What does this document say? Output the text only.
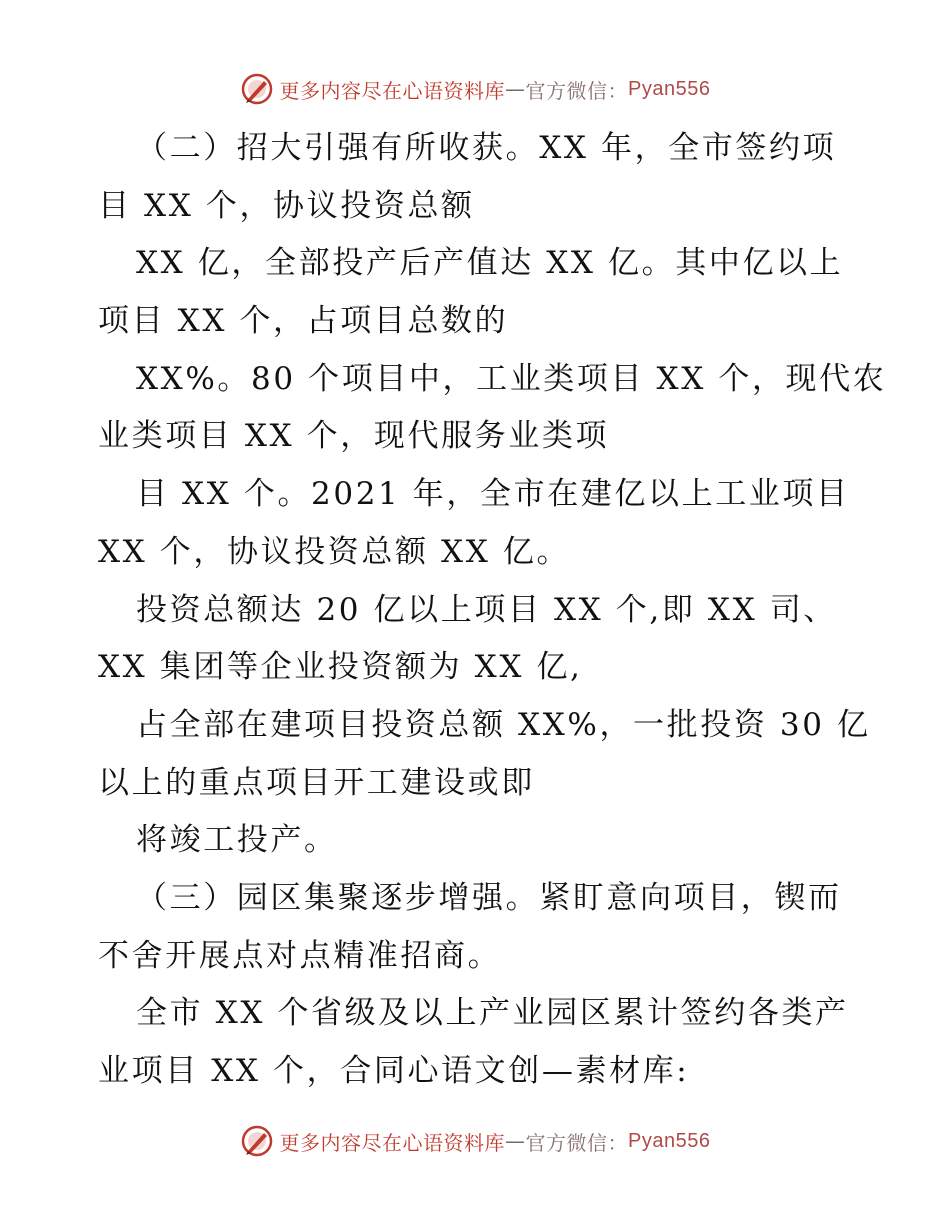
更多内容尽在心语资料库 — 官方微信： Pyan556
（二）招大引强有所收获。XX 年，全市签约项
目 XX 个，协议投资总额
XX 亿，全部投产后产值达 XX 亿。其中亿以上
项目 XX 个，占项目总数的
XX%。80 个项目中，工业类项目 XX 个，现代农
业类项目 XX 个，现代服务业类项
目 XX 个。2021 年，全市在建亿以上工业项目
XX 个，协议投资总额 XX 亿。
投资总额达 20 亿以上项目 XX 个,即 XX 司、
XX 集团等企业投资额为 XX 亿,
占全部在建项目投资总额 XX%，一批投资 30 亿
以上的重点项目开工建设或即
将竣工投产。
（三）园区集聚逐步增强。紧盯意向项目，锲而
不舍开展点对点精准招商。
全市 XX 个省级及以上产业园区累计签约各类产
业项目 XX 个，合同心语文创—素材库:
更多内容尽在心语资料库 — 官方微信： Pyan556
